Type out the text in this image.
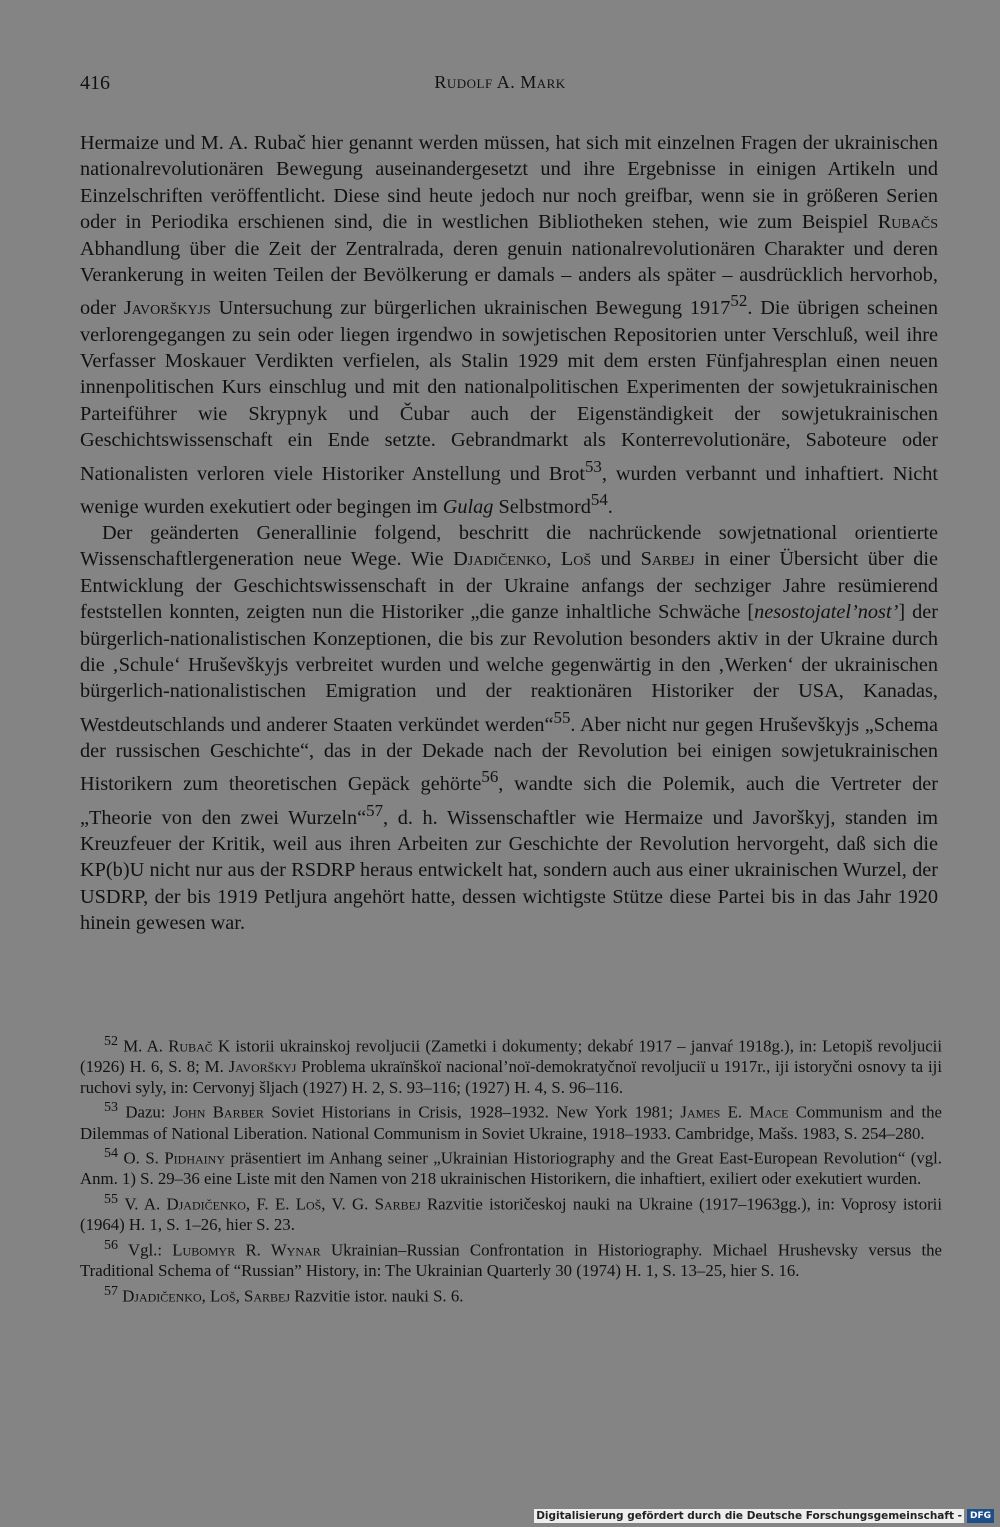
416	Rudolf A. Mark

Hermaize und M. A. Rubač hier genannt werden müssen, hat sich mit einzelnen Fragen der ukrainischen nationalrevolutionären Bewegung auseinandergesetzt und ihre Ergebnisse in einigen Artikeln und Einzelschriften veröffentlicht. Diese sind heute jedoch nur noch greifbar, wenn sie in größeren Serien oder in Periodika erschienen sind, die in westlichen Bibliotheken stehen, wie zum Beispiel Rubačs Abhandlung über die Zeit der Zentralrada, deren genuin nationalrevolutionären Charakter und deren Verankerung in weiten Teilen der Bevölkerung er damals – anders als später – ausdrücklich hervorhob, oder Javorškyjs Untersuchung zur bürgerlichen ukrainischen Bewegung 1917$^{52}$. Die übrigen scheinen verlorengegangen zu sein oder liegen irgendwo in sowjetischen Repositorien unter Verschluß, weil ihre Verfasser Moskauer Verdikten verfielen, als Stalin 1929 mit dem ersten Fünfjahresplan einen neuen innenpolitischen Kurs einschlug und mit den nationalpolitischen Experimenten der sowjetukrainischen Parteiführer wie Skrypnyk und Čubar auch der Eigenständigkeit der sowjetukrainischen Geschichtswissenschaft ein Ende setzte. Gebrandmarkt als Konterrevolutionäre, Saboteure oder Nationalisten verloren viele Historiker Anstellung und Brot$^{53}$, wurden verbannt und inhaftiert. Nicht wenige wurden exekutiert oder begingen im Gulag Selbstmord$^{54}$.

Der geänderten Generallinie folgend, beschritt die nachrückende sowjetnational orientierte Wissenschaftlergeneration neue Wege. Wie Djadičenko, Loš und Sarbej in einer Übersicht über die Entwicklung der Geschichtswissenschaft in der Ukraine anfangs der sechziger Jahre resümierend feststellen konnten, zeigten nun die Historiker „die ganze inhaltliche Schwäche [nesostojatel’nost’] der bürgerlich-nationalistischen Konzeptionen, die bis zur Revolution besonders aktiv in der Ukraine durch die ‚Schule‘ Hruševškyjs verbreitet wurden und welche gegenwärtig in den ‚Werken‘ der ukrainischen bürgerlich-nationalistischen Emigration und der reaktionären Historiker der USA, Kanadas, Westdeutschlands und anderer Staaten verkündet werden“$^{55}$. Aber nicht nur gegen Hruševškyjs „Schema der russischen Geschichte“, das in der Dekade nach der Revolution bei einigen sowjetukrainischen Historikern zum theoretischen Gepäck gehörte$^{56}$, wandte sich die Polemik, auch die Vertreter der „Theorie von den zwei Wurzeln“$^{57}$, d. h. Wissenschaftler wie Hermaize und Javorškyj, standen im Kreuzfeuer der Kritik, weil aus ihren Arbeiten zur Geschichte der Revolution hervorgeht, daß sich die KP(b)U nicht nur aus der RSDRP heraus entwickelt hat, sondern auch aus einer ukrainischen Wurzel, der USDRP, der bis 1919 Petljura angehört hatte, dessen wichtigste Stütze diese Partei bis in das Jahr 1920 hinein gewesen war.

$^{52}$ M. A. Rubač K istorii ukrainskoj revoljucii (Zametki i dokumenty; dekabŕ 1917 – janvaŕ 1918g.), in: Letopiš revoljucii (1926) H. 6, S. 8; M. Javorškyj Problema ukraïnškoï nacional’noï-demokratyčnoï revoljuciï u 1917r., iji istoryčni osnovy ta iji ruchovi syly, in: Cervonyj šljach (1927) H. 2, S. 93–116; (1927) H. 4, S. 96–116.

$^{53}$ Dazu: John Barber Soviet Historians in Crisis, 1928–1932. New York 1981; James E. Mace Communism and the Dilemmas of National Liberation. National Communism in Soviet Ukraine, 1918–1933. Cambridge, Mašs. 1983, S. 254–280.

$^{54}$ O. S. Pidhainy präsentiert im Anhang seiner „Ukrainian Historiography and the Great East-European Revolution“ (vgl. Anm. 1) S. 29–36 eine Liste mit den Namen von 218 ukrainischen Historikern, die inhaftiert, exiliert oder exekutiert wurden.

$^{55}$ V. A. Djadičenko, F. E. Loš, V. G. Sarbej Razvitie istoričeskoj nauki na Ukraine (1917–1963gg.), in: Voprosy istorii (1964) H. 1, S. 1–26, hier S. 23.

$^{56}$ Vgl.: Lubomyr R. Wynar Ukrainian–Russian Confrontation in Historiography. Michael Hrushevsky versus the Traditional Schema of “Russian” History, in: The Ukrainian Quarterly 30 (1974) H. 1, S. 13–25, hier S. 16.

$^{57}$ Djadičenko, Loš, Sarbej Razvitie istor. nauki S. 6.

Digitalisierung gefördert durch die Deutsche Forschungsgemeinschaft - DFG
